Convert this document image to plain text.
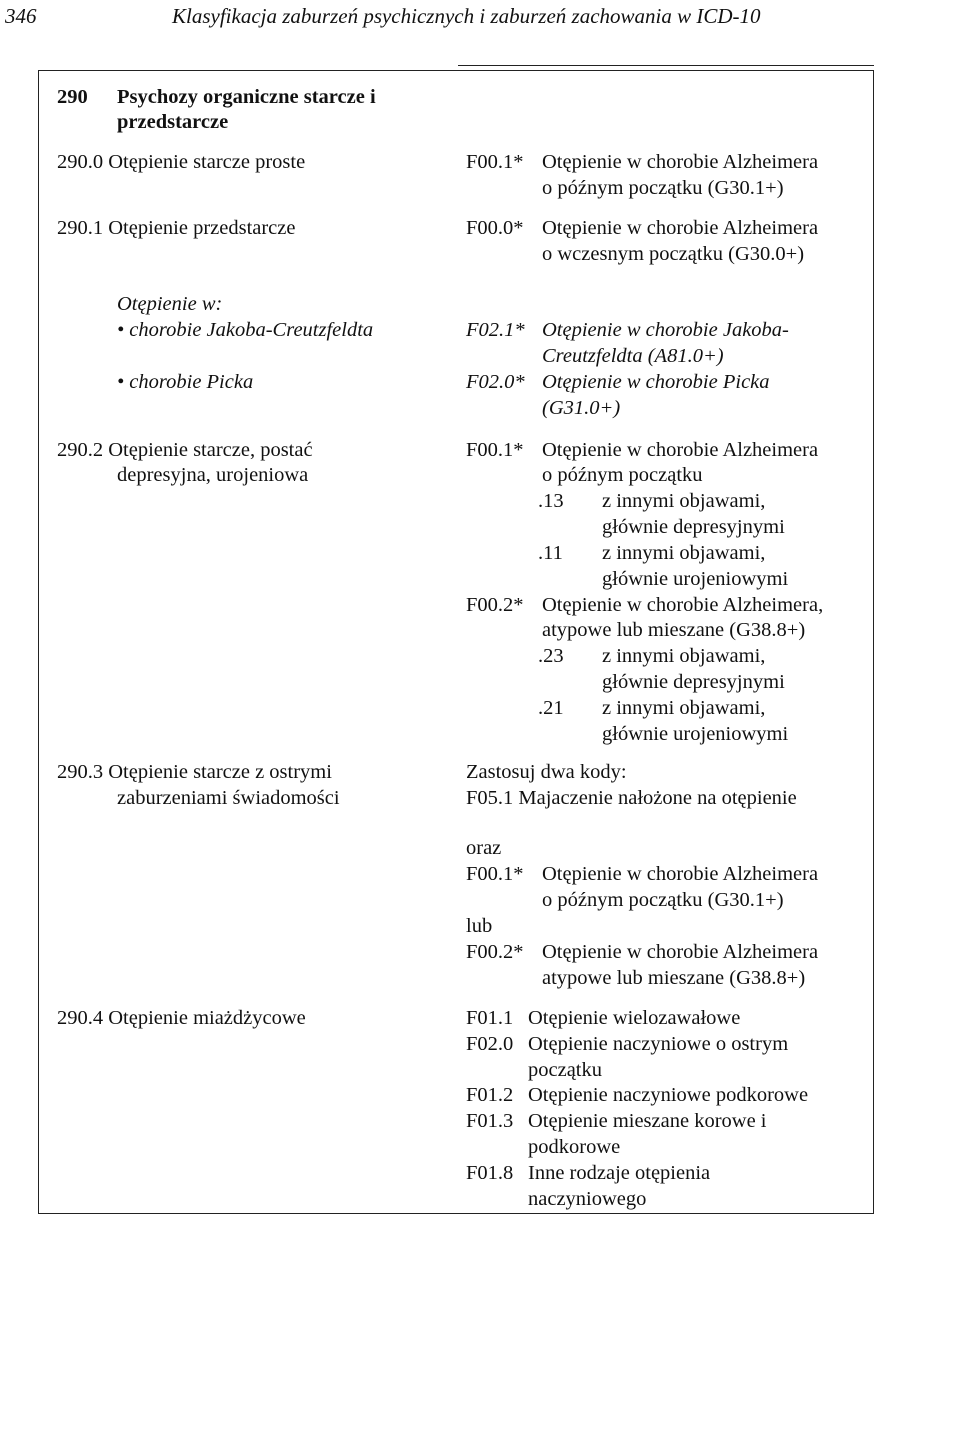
346	Klasyfikacja zaburzeń psychicznych i zaburzeń zachowania w ICD-10
290 Psychozy organiczne starcze i
przedstarcze
290.0 Otępienie starcze proste
290.1 Otępienie przedstarcze
Otępienie w:
• chorobie Jakoba-Creutzfeldta
• chorobie Picka
290.2 Otępienie starcze, postać
depresyjna, urojeniowa
290.3 Otępienie starcze z ostrymi
zaburzeniami świadomości
290.4 Otępienie miażdżycowe
F00.1* Otępienie w chorobie Alzheimera
o późnym początku (G30.1+)
F00.0* Otępienie w chorobie Alzheimera
o wczesnym początku (G30.0+)
F02.1* Otępienie w chorobie Jakoba-
Creutzfeldta (A81.0+)
F02.0* Otępienie w chorobie Picka
(G31.0+)
F00.1* Otępienie w chorobie Alzheimera
o późnym początku
.13 z innymi objawami,
głównie depresyjnymi
.11 z innymi objawami,
głównie urojeniowymi
F00.2* Otępienie w chorobie Alzheimera,
atypowe lub mieszane (G38.8+)
.23 z innymi objawami,
głównie depresyjnymi
.21 z innymi objawami,
głównie urojeniowymi
Zastosuj dwa kody:
F05.1 Majaczenie nałożone na otępienie
oraz
F00.1* Otępienie w chorobie Alzheimera
o późnym początku (G30.1+)
lub
F00.2* Otępienie w chorobie Alzheimera
atypowe lub mieszane (G38.8+)
F01.1 Otępienie wielozawałowe
F02.0 Otępienie naczyniowe o ostrym
początku
F01.2 Otępienie naczyniowe podkorowe
F01.3 Otępienie mieszane korowe i
podkorowe
F01.8 Inne rodzaje otępienia
naczyniowego
